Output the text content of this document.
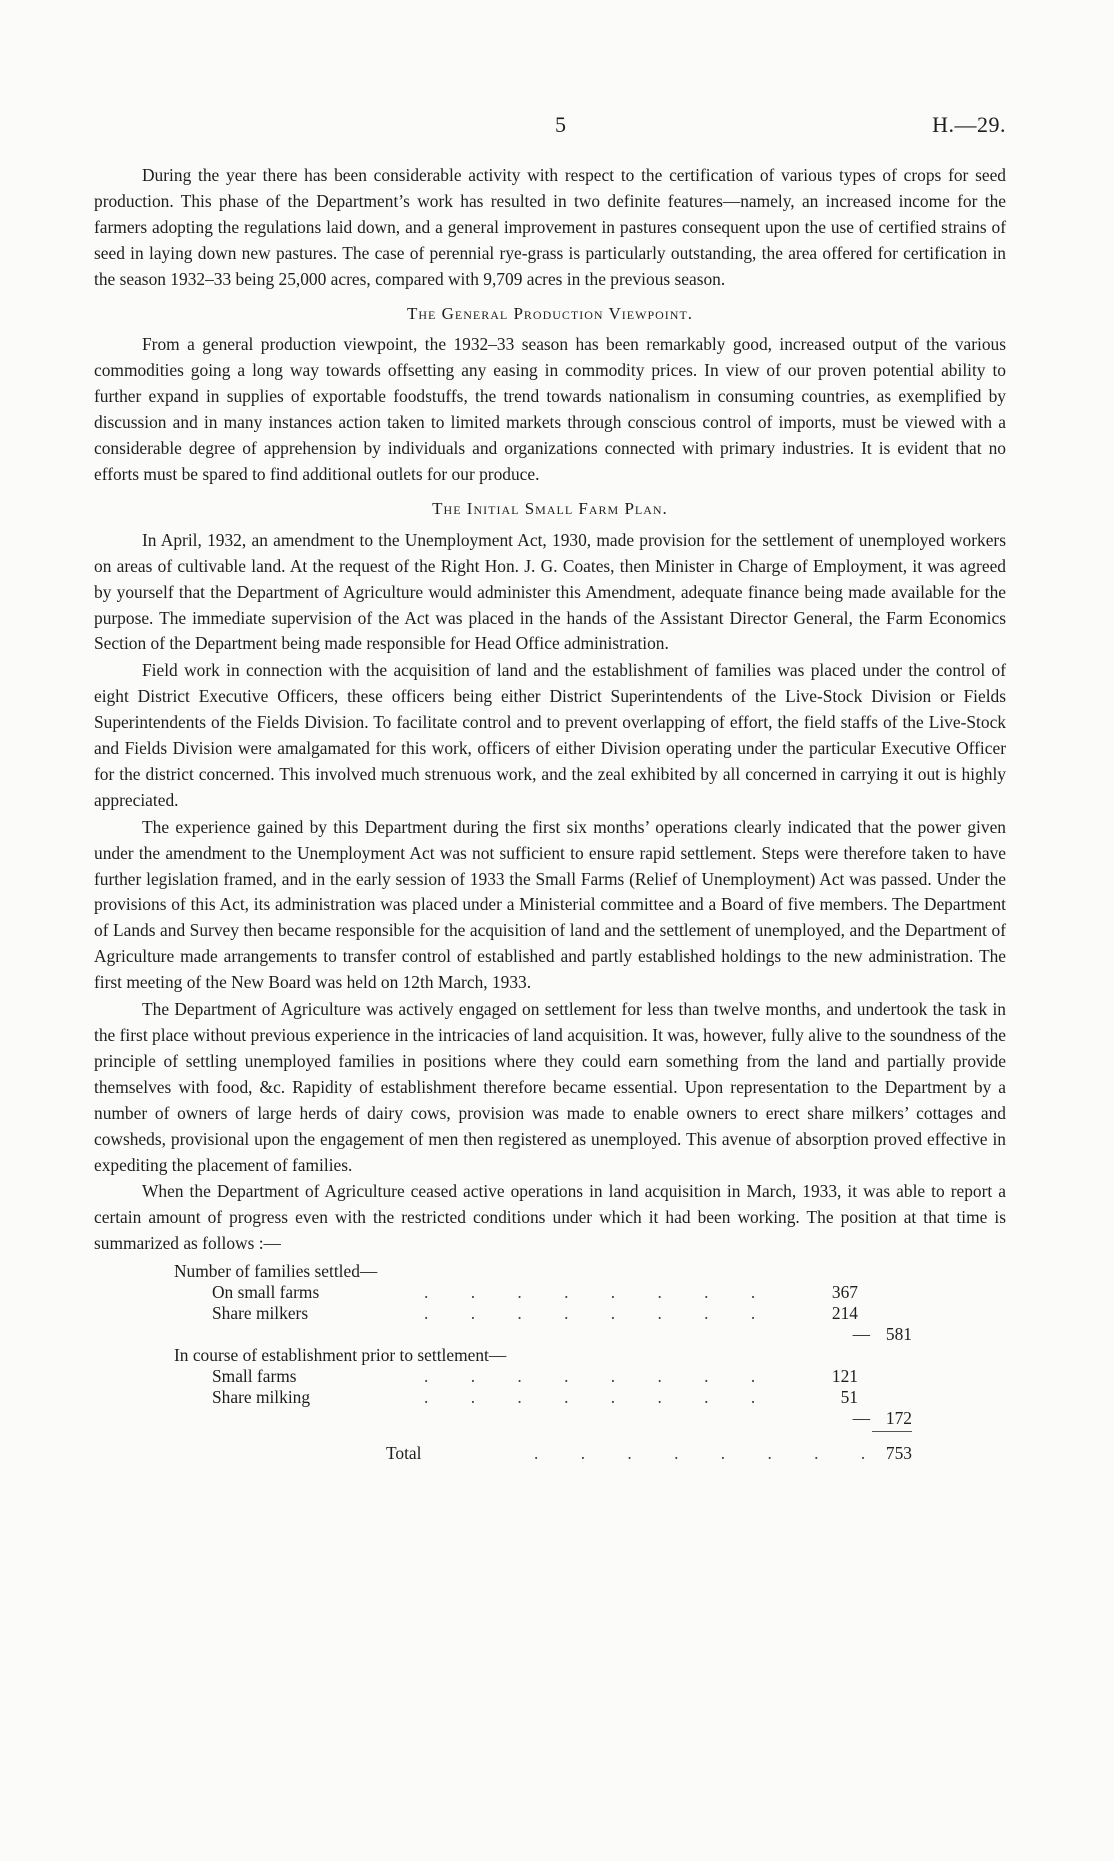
5	H.—29.

During the year there has been considerable activity with respect to the certification of various types of crops for seed production. This phase of the Department’s work has resulted in two definite features—namely, an increased income for the farmers adopting the regulations laid down, and a general improvement in pastures consequent upon the use of certified strains of seed in laying down new pastures. The case of perennial rye-grass is particularly outstanding, the area offered for certification in the season 1932–33 being 25,000 acres, compared with 9,709 acres in the previous season.

The General Production Viewpoint.

From a general production viewpoint, the 1932–33 season has been remarkably good, increased output of the various commodities going a long way towards offsetting any easing in commodity prices. In view of our proven potential ability to further expand in supplies of exportable foodstuffs, the trend towards nationalism in consuming countries, as exemplified by discussion and in many instances action taken to limited markets through conscious control of imports, must be viewed with a considerable degree of apprehension by individuals and organizations connected with primary industries. It is evident that no efforts must be spared to find additional outlets for our produce.

The Initial Small Farm Plan.

In April, 1932, an amendment to the Unemployment Act, 1930, made provision for the settlement of unemployed workers on areas of cultivable land. At the request of the Right Hon. J. G. Coates, then Minister in Charge of Employment, it was agreed by yourself that the Department of Agriculture would administer this Amendment, adequate finance being made available for the purpose. The immediate supervision of the Act was placed in the hands of the Assistant Director General, the Farm Economics Section of the Department being made responsible for Head Office administration.

Field work in connection with the acquisition of land and the establishment of families was placed under the control of eight District Executive Officers, these officers being either District Superintendents of the Live-Stock Division or Fields Superintendents of the Fields Division. To facilitate control and to prevent overlapping of effort, the field staffs of the Live-Stock and Fields Division were amalgamated for this work, officers of either Division operating under the particular Executive Officer for the district concerned. This involved much strenuous work, and the zeal exhibited by all concerned in carrying it out is highly appreciated.

The experience gained by this Department during the first six months’ operations clearly indicated that the power given under the amendment to the Unemployment Act was not sufficient to ensure rapid settlement. Steps were therefore taken to have further legislation framed, and in the early session of 1933 the Small Farms (Relief of Unemployment) Act was passed. Under the provisions of this Act, its administration was placed under a Ministerial committee and a Board of five members. The Department of Lands and Survey then became responsible for the acquisition of land and the settlement of unemployed, and the Department of Agriculture made arrangements to transfer control of established and partly established holdings to the new administration. The first meeting of the New Board was held on 12th March, 1933.

The Department of Agriculture was actively engaged on settlement for less than twelve months, and undertook the task in the first place without previous experience in the intricacies of land acquisition. It was, however, fully alive to the soundness of the principle of settling unemployed families in positions where they could earn something from the land and partially provide themselves with food, &c. Rapidity of establishment therefore became essential. Upon representation to the Department by a number of owners of large herds of dairy cows, provision was made to enable owners to erect share milkers’ cottages and cowsheds, provisional upon the engagement of men then registered as unemployed. This avenue of absorption proved effective in expediting the placement of families.

When the Department of Agriculture ceased active operations in land acquisition in March, 1933, it was able to report a certain amount of progress even with the restricted conditions under which it had been working. The position at that time is summarized as follows :—

Number of families settled—
On small farms	. . . . . . . .	367
Share milkers	. . . . . . . .	214
— 581
In course of establishment prior to settlement—
Small farms	. . . . . . . .	121
Share milking	. . . . . . . .	51
— 172
Total	. . . . . . . . 753
